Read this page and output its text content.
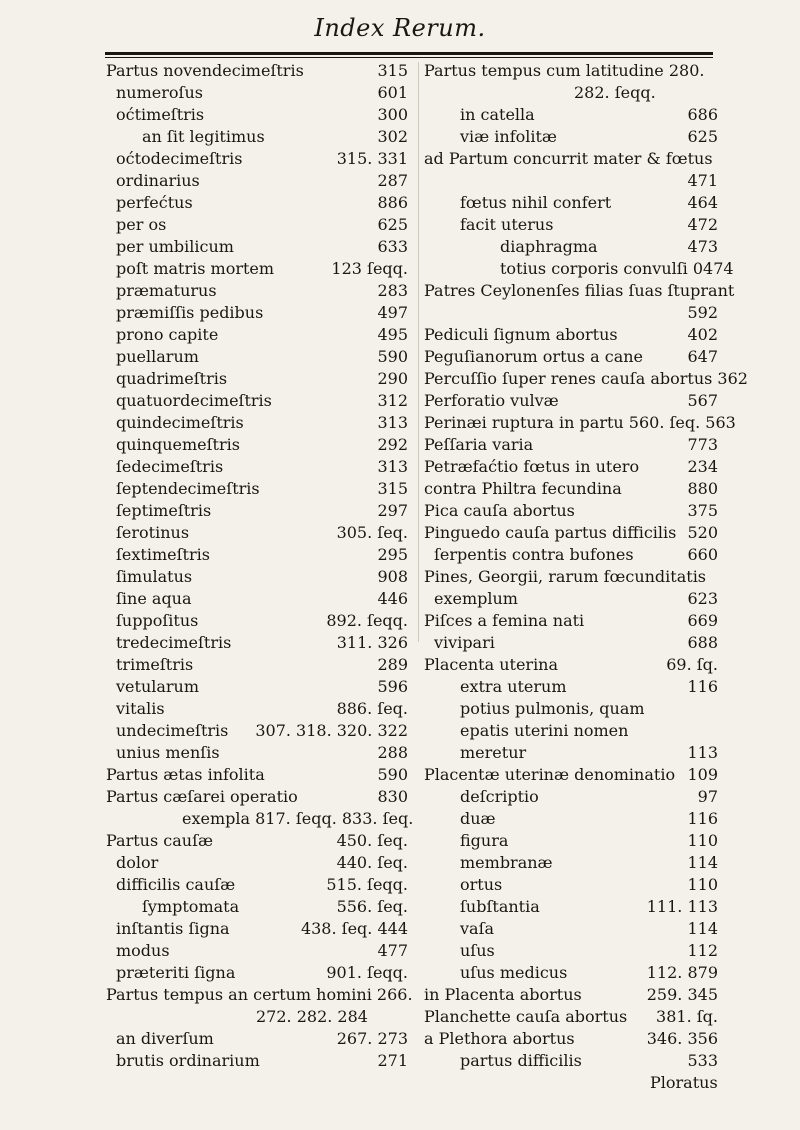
Index Rerum.
Partus novendecimeſtris	315
numeroſus	601
oćtimeſtris	300
an ſit legitimus	302
oćtodecimeſtris	315. 331
ordinarius	287
perfećtus	886
per os	625
per umbilicum	633
poſt matris mortem	123 ſeqq.
præmaturus	283
præmiſſis pedibus	497
prono capite	495
puellarum	590
quadrimeſtris	290
quatuordecimeſtris	312
quindecimeſtris	313
quinquemeſtris	292
ſedecimeſtris	313
ſeptendecimeſtris	315
ſeptimeſtris	297
ſerotinus	305. ſeq.
ſextimeſtris	295
ſimulatus	908
ſine aqua	446
ſuppoſitus	892. ſeqq.
tredecimeſtris	311. 326
trimeſtris	289
vetularum	596
vitalis	886. ſeq.
undecimeſtris 307. 318. 320. 322
unius menſis	288
Partus ætas infolita	590
Partus cæſarei operatio	830
exempla 817. ſeqq. 833. ſeq.
Partus cauſæ	450. ſeq.
dolor	440. ſeq.
difficilis cauſæ	515. ſeqq.
ſymptomata	556. ſeq.
inſtantis ſigna	438. ſeq. 444
modus	477
præteriti ſigna	901. ſeqq.
Partus tempus an certum homini 266.
272. 282. 284
an diverſum	267. 273
brutis ordinarium	271
Partus tempus cum latitudine 280.
282. ſeqq.
in catella	686
viæ infolitæ	625
ad Partum concurrit mater & fœtus
471
fœtus nihil confert	464
facit uterus	472
diaphragma	473
totius corporis convulſi 0474
Patres Ceylonenſes filias ſuas ſtuprant
592
Pediculi ſignum abortus	402
Peguſianorum ortus a cane	647
Percuſſio ſuper renes cauſa abortus 362
Perforatio vulvæ	567
Perinæi ruptura in partu 560. ſeq. 563
Peſſaria varia	773
Petræfaćtio fœtus in utero	234
contra Philtra fecundina	880
Pica cauſa abortus	375
Pinguedo cauſa partus difficilis 520
ſerpentis contra bufones	660
Pines, Georgii, rarum fœcunditatis
exemplum	623
Piſces a femina nati	669
vivipari	688
Placenta uterina	69. ſq.
extra uterum	116
potius pulmonis, quam
epatis uterini nomen
meretur	113
Placentæ uterinæ denominatio 109
deſcriptio	97
duæ	116
figura	110
membranæ	114
ortus	110
ſubſtantia	111. 113
vaſa	114
uſus	112
uſus medicus	112. 879
in Placenta abortus	259. 345
Planchette cauſa abortus 381. ſq.
a Plethora abortus	346. 356
partus difficilis	533
Ploratus
